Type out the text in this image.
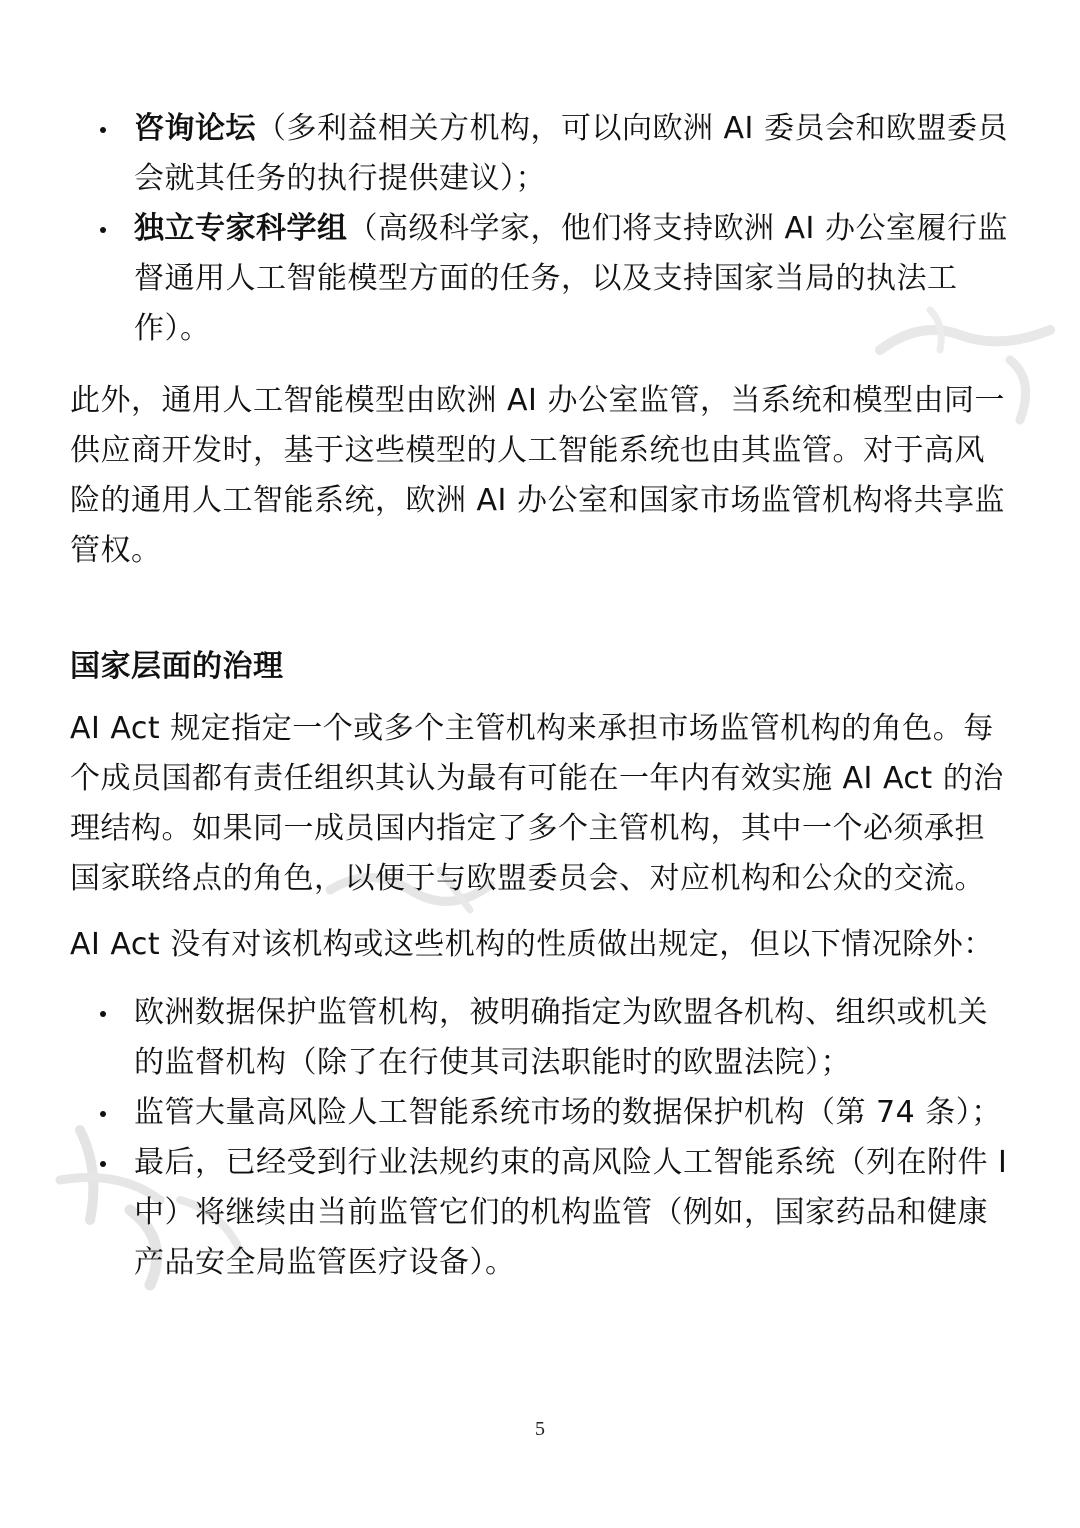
咨询论坛（多利益相关方机构，可以向欧洲 AI 委员会和欧盟委员会就其任务的执行提供建议）；
独立专家科学组（高级科学家，他们将支持欧洲 AI 办公室履行监督通用人工智能模型方面的任务，以及支持国家当局的执法工作）。

此外，通用人工智能模型由欧洲 AI 办公室监管，当系统和模型由同一供应商开发时，基于这些模型的人工智能系统也由其监管。对于高风险的通用人工智能系统，欧洲 AI 办公室和国家市场监管机构将共享监管权。

国家层面的治理

AI Act 规定指定一个或多个主管机构来承担市场监管机构的角色。每个成员国都有责任组织其认为最有可能在一年内有效实施 AI Act 的治理结构。如果同一成员国内指定了多个主管机构，其中一个必须承担国家联络点的角色，以便于与欧盟委员会、对应机构和公众的交流。

AI Act 没有对该机构或这些机构的性质做出规定，但以下情况除外：

欧洲数据保护监管机构，被明确指定为欧盟各机构、组织或机关的监督机构（除了在行使其司法职能时的欧盟法院）；
监管大量高风险人工智能系统市场的数据保护机构（第 74 条）；
最后，已经受到行业法规约束的高风险人工智能系统（列在附件 I 中）将继续由当前监管它们的机构监管（例如，国家药品和健康产品安全局监管医疗设备）。
5
